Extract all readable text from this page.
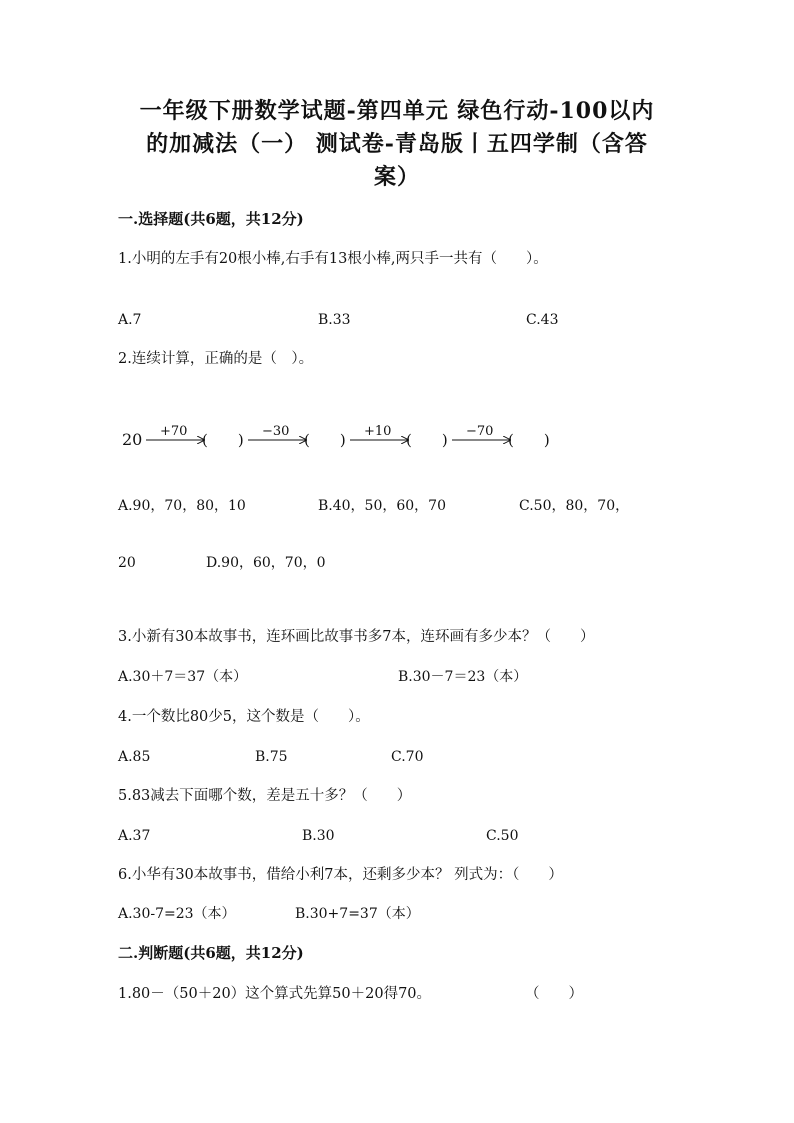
一年级下册数学试题-第四单元 绿色行动-100以内
的加减法（一） 测试卷-青岛版丨五四学制（含答
案）
一.选择题(共6题，共12分)
1.小明的左手有20根小棒,右手有13根小棒,两只手一共有（　　）。
A.7	B.33	C.43
2.连续计算，正确的是（　）。
20 +70 (　　) −30 (　　) +10 (　　) −70 (　　)
A.90，70，80，10	B.40，50，60，70	C.50，80，70，
20	D.90，60，70，0
3.小新有30本故事书，连环画比故事书多7本，连环画有多少本？（　　）
A.30＋7＝37（本）	B.30－7＝23（本）
4.一个数比80少5，这个数是（　　）。
A.85	B.75	C.70
5.83减去下面哪个数，差是五十多？（　　）
A.37	B.30	C.50
6.小华有30本故事书，借给小利7本，还剩多少本？ 列式为：（　　）
A.30-7=23（本）	B.30+7=37（本）
二.判断题(共6题，共12分)
1.80－（50＋20）这个算式先算50＋20得70。	（　　）
